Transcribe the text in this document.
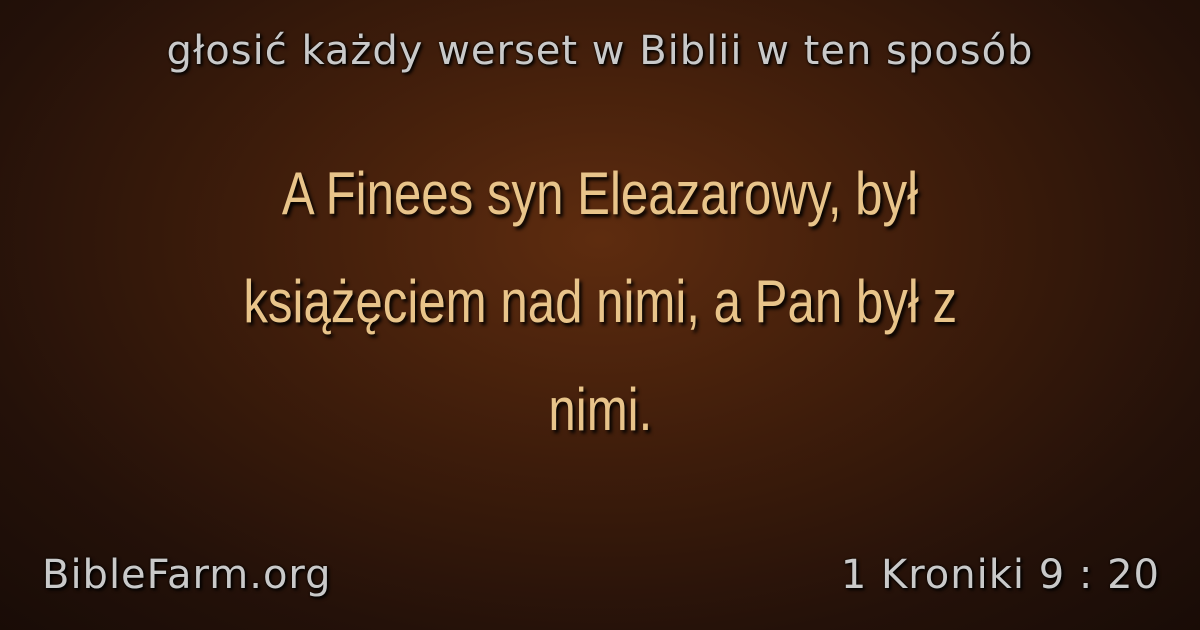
głosić każdy werset w Biblii w ten sposób
A Finees syn Eleazarowy, był
książęciem nad nimi, a Pan był z
nimi.
BibleFarm.org	1 Kroniki 9 : 20
